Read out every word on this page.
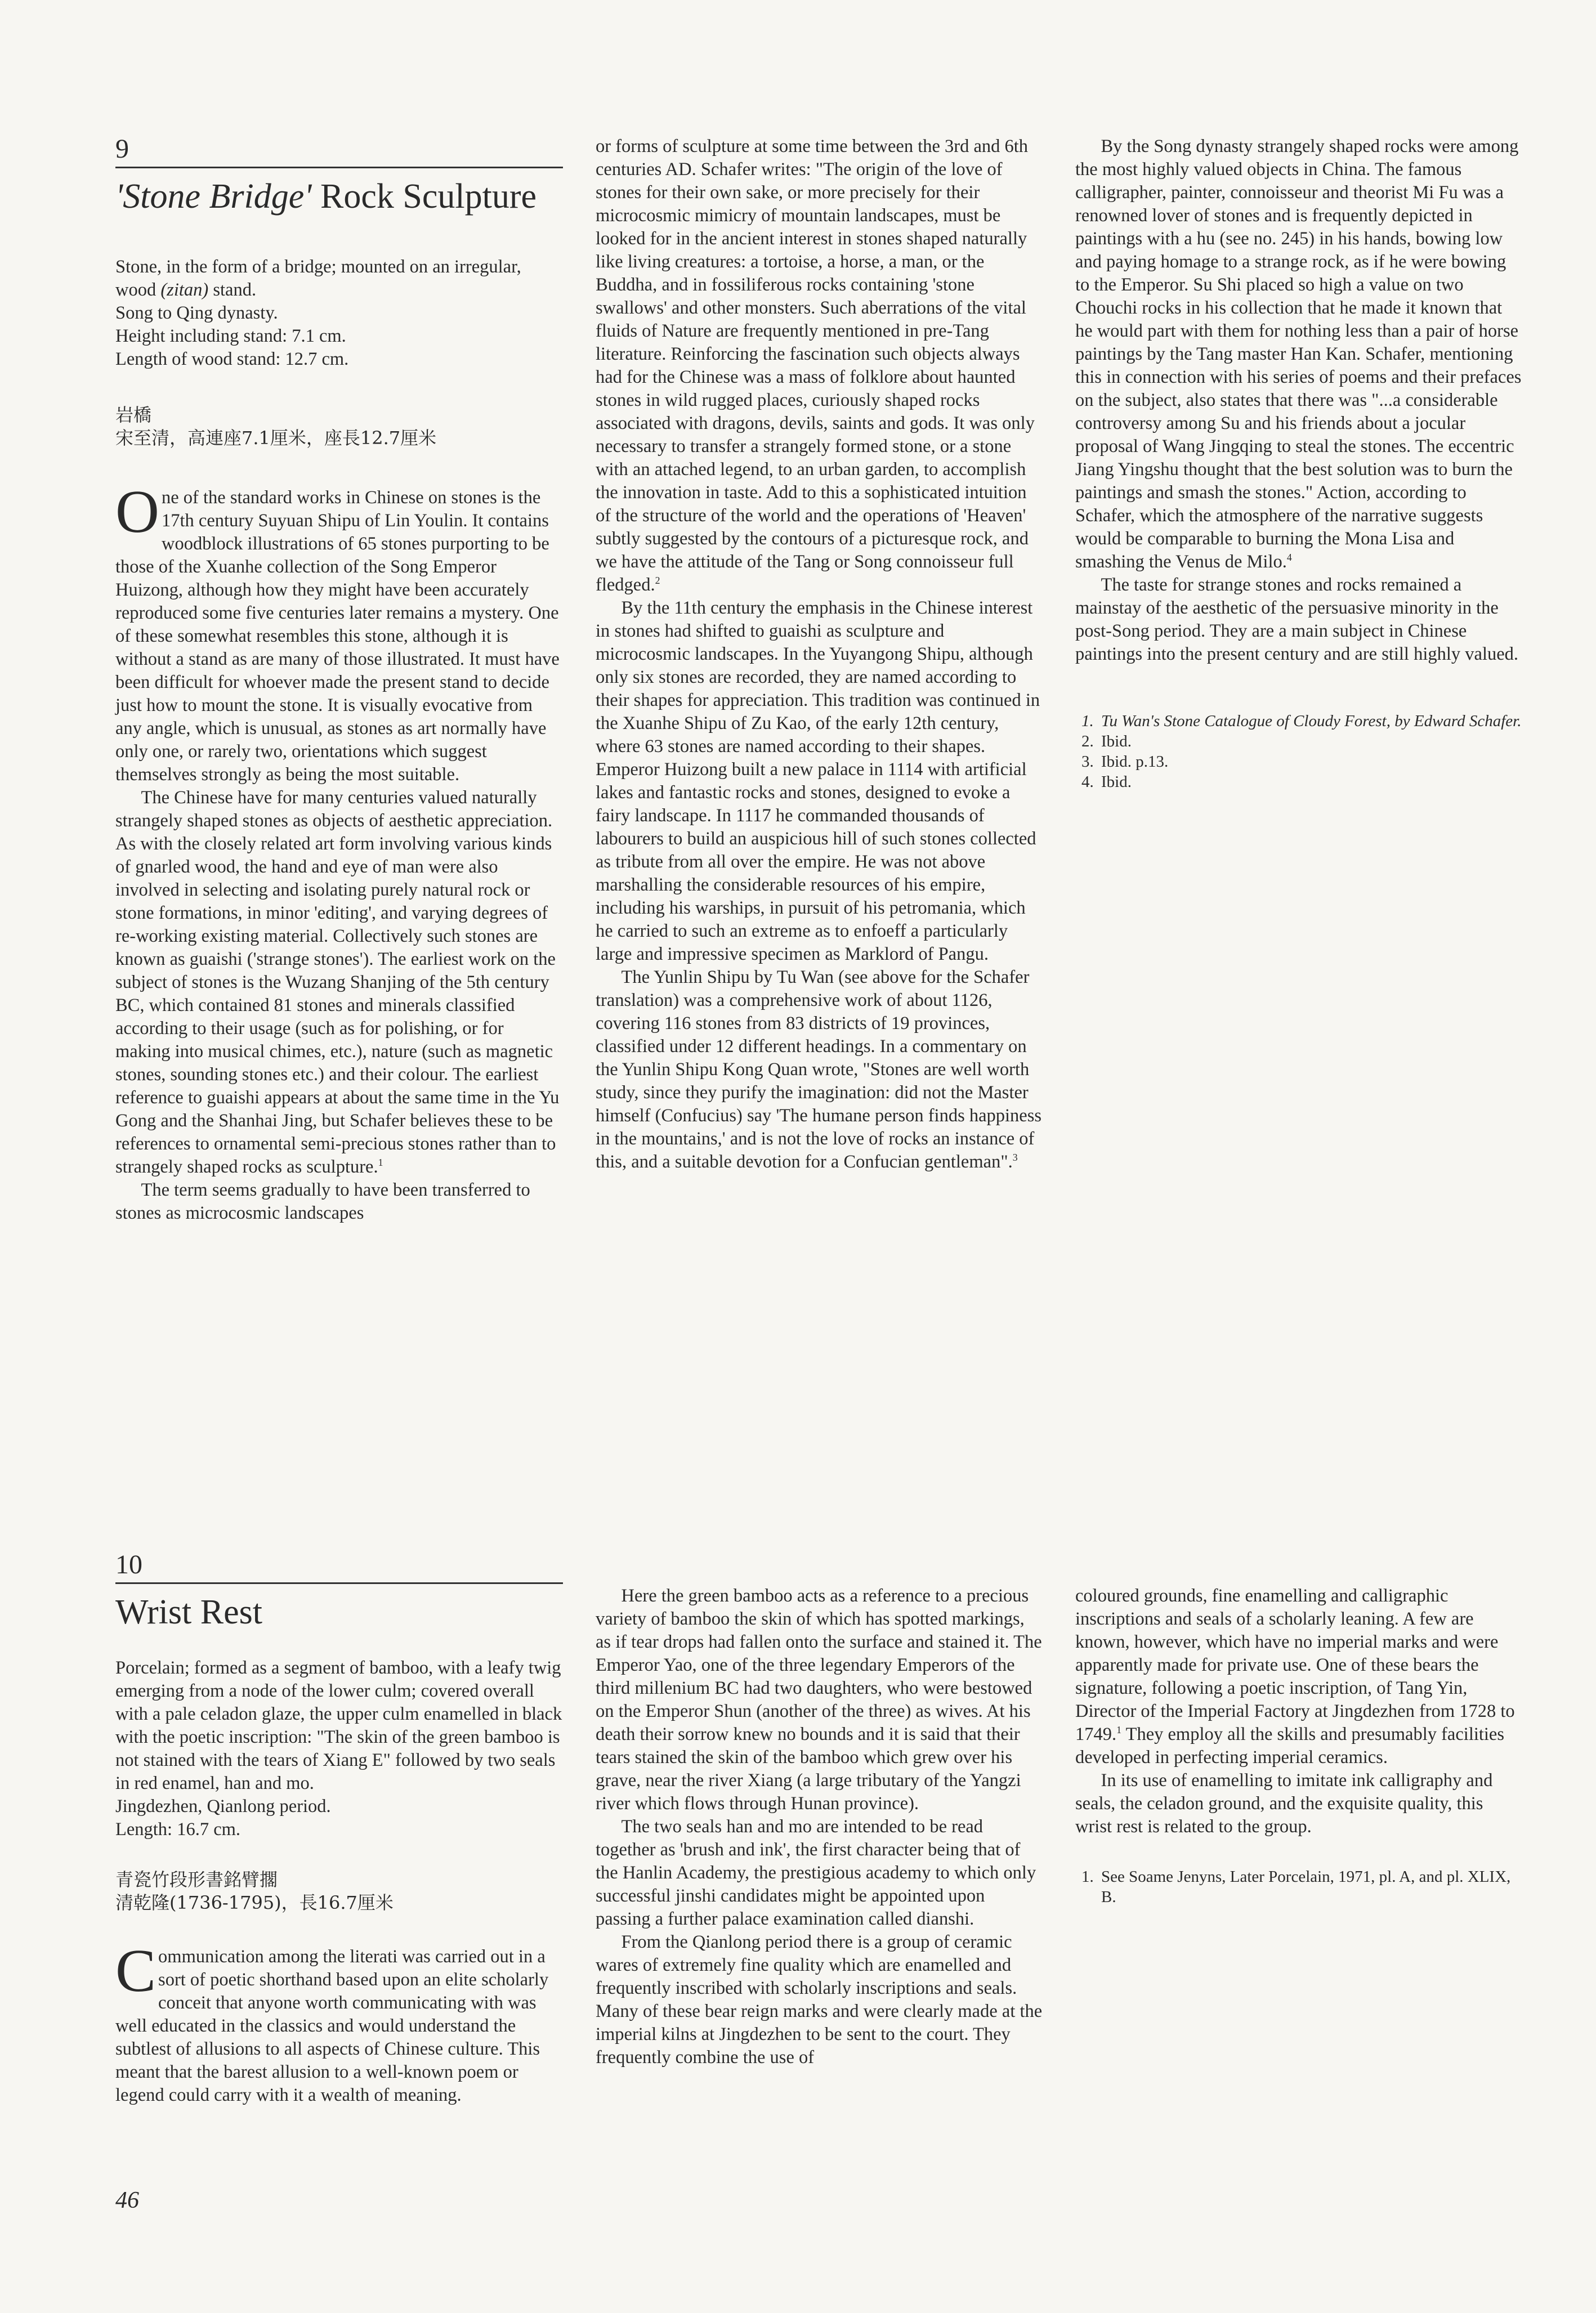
9
'Stone Bridge' Rock Sculpture

Stone, in the form of a bridge; mounted on an irregular, wood (zitan) stand.

Song to Qing dynasty.

Height including stand: 7.1 cm.

Length of wood stand: 12.7 cm.

岩橋

宋至清，高連座7.1厘米，座長12.7厘米

One of the standard works in Chinese on stones is the 17th century Suyuan Shipu of Lin Youlin. It contains woodblock illustrations of 65 stones purporting to be those of the Xuanhe collection of the Song Emperor Huizong, although how they might have been accurately reproduced some five centuries later remains a mystery. One of these somewhat resembles this stone, although it is without a stand as are many of those illustrated. It must have been difficult for whoever made the present stand to decide just how to mount the stone. It is visually evocative from any angle, which is unusual, as stones as art normally have only one, or rarely two, orientations which suggest themselves strongly as being the most suitable.

The Chinese have for many centuries valued naturally strangely shaped stones as objects of aesthetic appreciation. As with the closely related art form involving various kinds of gnarled wood, the hand and eye of man were also involved in selecting and isolating purely natural rock or stone formations, in minor 'editing', and varying degrees of re-working existing material. Collectively such stones are known as guaishi ('strange stones'). The earliest work on the subject of stones is the Wuzang Shanjing of the 5th century BC, which contained 81 stones and minerals classified according to their usage (such as for polishing, or for making into musical chimes, etc.), nature (such as magnetic stones, sounding stones etc.) and their colour. The earliest reference to guaishi appears at about the same time in the Yu Gong and the Shanhai Jing, but Schafer believes these to be references to ornamental semi-precious stones rather than to strangely shaped rocks as sculpture.$^1$

The term seems gradually to have been transferred to stones as microcosmic landscapes

or forms of sculpture at some time between the 3rd and 6th centuries AD. Schafer writes: "The origin of the love of stones for their own sake, or more precisely for their microcosmic mimicry of mountain landscapes, must be looked for in the ancient interest in stones shaped naturally like living creatures: a tortoise, a horse, a man, or the Buddha, and in fossiliferous rocks containing 'stone swallows' and other monsters. Such aberrations of the vital fluids of Nature are frequently mentioned in pre-Tang literature. Reinforcing the fascination such objects always had for the Chinese was a mass of folklore about haunted stones in wild rugged places, curiously shaped rocks associated with dragons, devils, saints and gods. It was only necessary to transfer a strangely formed stone, or a stone with an attached legend, to an urban garden, to accomplish the innovation in taste. Add to this a sophisticated intuition of the structure of the world and the operations of 'Heaven' subtly suggested by the contours of a picturesque rock, and we have the attitude of the Tang or Song connoisseur full fledged.$^2$

By the 11th century the emphasis in the Chinese interest in stones had shifted to guaishi as sculpture and microcosmic landscapes. In the Yuyangong Shipu, although only six stones are recorded, they are named according to their shapes for appreciation. This tradition was continued in the Xuanhe Shipu of Zu Kao, of the early 12th century, where 63 stones are named according to their shapes. Emperor Huizong built a new palace in 1114 with artificial lakes and fantastic rocks and stones, designed to evoke a fairy landscape. In 1117 he commanded thousands of labourers to build an auspicious hill of such stones collected as tribute from all over the empire. He was not above marshalling the considerable resources of his empire, including his warships, in pursuit of his petromania, which he carried to such an extreme as to enfoeff a particularly large and impressive specimen as Marklord of Pangu.

The Yunlin Shipu by Tu Wan (see above for the Schafer translation) was a comprehensive work of about 1126, covering 116 stones from 83 districts of 19 provinces, classified under 12 different headings. In a commentary on the Yunlin Shipu Kong Quan wrote, "Stones are well worth study, since they purify the imagination: did not the Master himself (Confucius) say 'The humane person finds happiness in the mountains,' and is not the love of rocks an instance of this, and a suitable devotion for a Confucian gentleman".$^3$

By the Song dynasty strangely shaped rocks were among the most highly valued objects in China. The famous calligrapher, painter, connoisseur and theorist Mi Fu was a renowned lover of stones and is frequently depicted in paintings with a hu (see no. 245) in his hands, bowing low and paying homage to a strange rock, as if he were bowing to the Emperor. Su Shi placed so high a value on two Chouchi rocks in his collection that he made it known that he would part with them for nothing less than a pair of horse paintings by the Tang master Han Kan. Schafer, mentioning this in connection with his series of poems and their prefaces on the subject, also states that there was "...a considerable controversy among Su and his friends about a jocular proposal of Wang Jingqing to steal the stones. The eccentric Jiang Yingshu thought that the best solution was to burn the paintings and smash the stones." Action, according to Schafer, which the atmosphere of the narrative suggests would be comparable to burning the Mona Lisa and smashing the Venus de Milo.$^4$

The taste for strange stones and rocks remained a mainstay of the aesthetic of the persuasive minority in the post-Song period. They are a main subject in Chinese paintings into the present century and are still highly valued.

1. Tu Wan's Stone Catalogue of Cloudy Forest, by Edward Schafer.
2. Ibid.
3. Ibid. p.13.
4. Ibid.
10
Wrist Rest

Porcelain; formed as a segment of bamboo, with a leafy twig emerging from a node of the lower culm; covered overall with a pale celadon glaze, the upper culm enamelled in black with the poetic inscription: "The skin of the green bamboo is not stained with the tears of Xiang E" followed by two seals in red enamel, han and mo.

Jingdezhen, Qianlong period.

Length: 16.7 cm.

青瓷竹段形書銘臂擱

清乾隆(1736-1795)，長16.7厘米

Communication among the literati was carried out in a sort of poetic shorthand based upon an elite scholarly conceit that anyone worth communicating with was well educated in the classics and would understand the subtlest of allusions to all aspects of Chinese culture. This meant that the barest allusion to a well-known poem or legend could carry with it a wealth of meaning.

Here the green bamboo acts as a reference to a precious variety of bamboo the skin of which has spotted markings, as if tear drops had fallen onto the surface and stained it. The Emperor Yao, one of the three legendary Emperors of the third millenium BC had two daughters, who were bestowed on the Emperor Shun (another of the three) as wives. At his death their sorrow knew no bounds and it is said that their tears stained the skin of the bamboo which grew over his grave, near the river Xiang (a large tributary of the Yangzi river which flows through Hunan province).

The two seals han and mo are intended to be read together as 'brush and ink', the first character being that of the Hanlin Academy, the prestigious academy to which only successful jinshi candidates might be appointed upon passing a further palace examination called dianshi.

From the Qianlong period there is a group of ceramic wares of extremely fine quality which are enamelled and frequently inscribed with scholarly inscriptions and seals. Many of these bear reign marks and were clearly made at the imperial kilns at Jingdezhen to be sent to the court. They frequently combine the use of

coloured grounds, fine enamelling and calligraphic inscriptions and seals of a scholarly leaning. A few are known, however, which have no imperial marks and were apparently made for private use. One of these bears the signature, following a poetic inscription, of Tang Yin, Director of the Imperial Factory at Jingdezhen from 1728 to 1749.$^1$ They employ all the skills and presumably facilities developed in perfecting imperial ceramics.

In its use of enamelling to imitate ink calligraphy and seals, the celadon ground, and the exquisite quality, this wrist rest is related to the group.

1. See Soame Jenyns, Later Porcelain, 1971, pl. A, and pl. XLIX, B.
46
